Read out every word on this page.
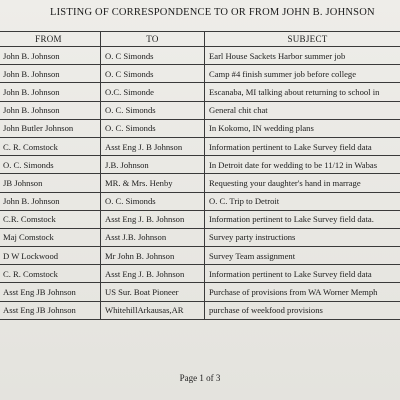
LISTING OF CORRESPONDENCE TO OR FROM JOHN B. JOHNSON
FROM	TO	SUBJECT
John B. Johnson	O. C Simonds	Earl House Sackets Harbor summer job
John B. Johnson	O. C Simonds	Camp #4 finish summer job before college
John B. Johnson	O.C. Simonde	Escanaba, MI talking about returning to school in
John B. Johnson	O. C. Simonds	General chit chat
John Butler Johnson	O. C. Simonds	In Kokomo, IN wedding plans
C. R. Comstock	Asst Eng J. B Johnson	Information pertinent to Lake Survey field data
O. C. Simonds	J.B. Johnson	In Detroit date for wedding to be 11/12 in Wabas
JB Johnson	MR. & Mrs. Henby	Requesting your daughter's hand in marrage
John B. Johnson	O. C. Simonds	O. C. Trip to Detroit
C.R. Comstock	Asst Eng J. B. Johnson	Information pertinent to Lake Survey field data.
Maj Comstock	Asst J.B. Johnson	Survey party instructions
D W Lockwood	Mr John B. Johnson	Survey Team assignment
C. R. Comstock	Asst Eng J. B. Johnson	Information pertinent to Lake Survey field data
Asst Eng JB Johnson	US Sur. Boat Pioneer	Purchase of provisions from WA Worner Memph
Asst Eng JB Johnson	WhitehillArkausas,AR	purchase of weekfood provisions
Page 1 of 3
